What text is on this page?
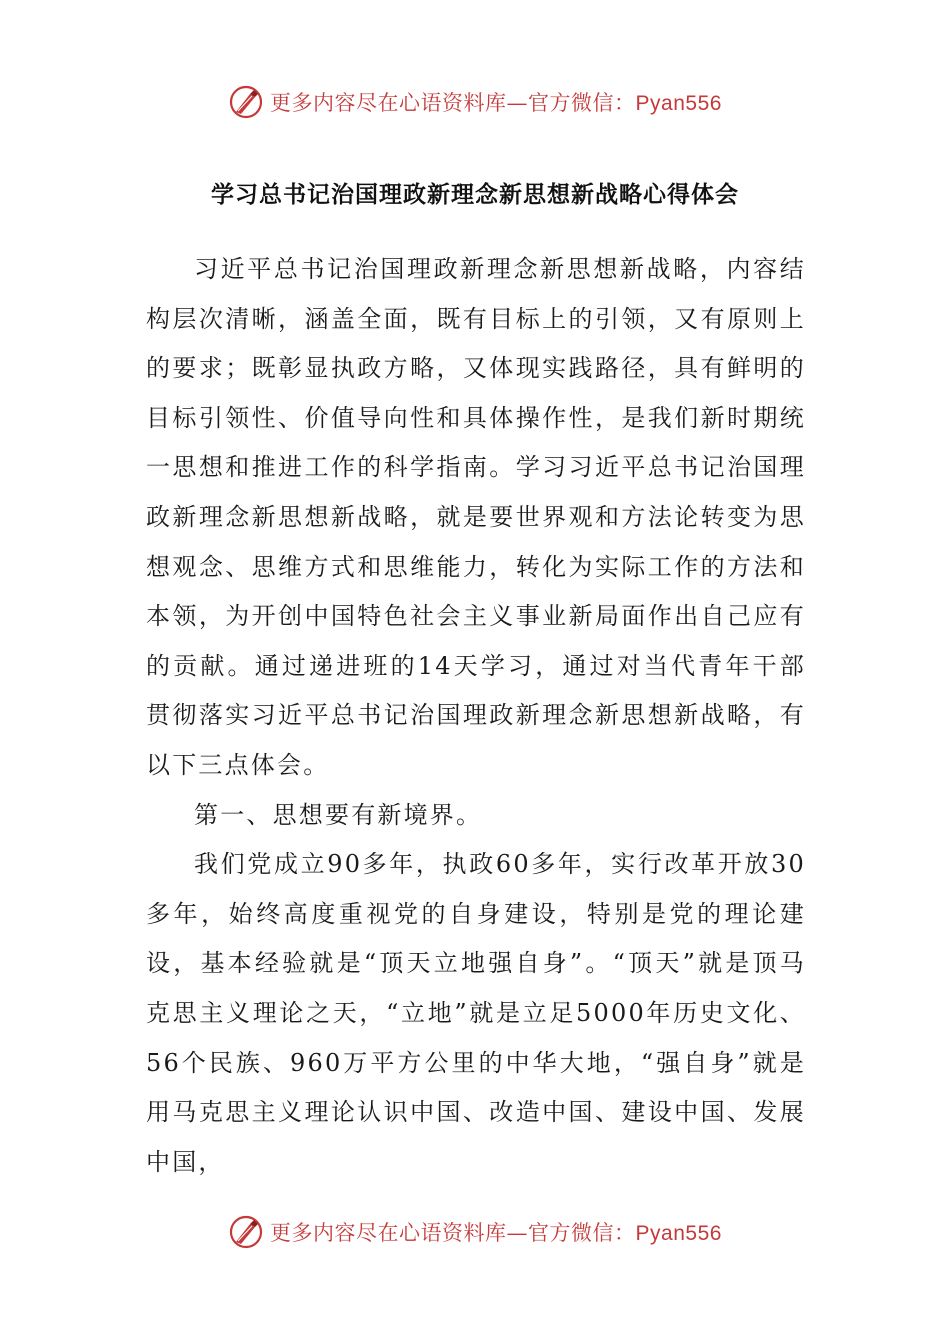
更多内容尽在心语资料库—官方微信：Pyan556
学习总书记治国理政新理念新思想新战略心得体会

习近平总书记治国理政新理念新思想新战略，内容结构层次清晰，涵盖全面，既有目标上的引领，又有原则上的要求；既彰显执政方略，又体现实践路径，具有鲜明的目标引领性、价值导向性和具体操作性，是我们新时期统一思想和推进工作的科学指南。学习习近平总书记治国理政新理念新思想新战略，就是要世界观和方法论转变为思想观念、思维方式和思维能力，转化为实际工作的方法和本领，为开创中国特色社会主义事业新局面作出自己应有的贡献。通过递进班的14天学习，通过对当代青年干部贯彻落实习近平总书记治国理政新理念新思想新战略，有以下三点体会。

第一、思想要有新境界。

我们党成立90多年，执政60多年，实行改革开放30多年，始终高度重视党的自身建设，特别是党的理论建设，基本经验就是“顶天立地强自身”。“顶天”就是顶马克思主义理论之天，“立地”就是立足5000年历史文化、56个民族、960万平方公里的中华大地，“强自身”就是用马克思主义理论认识中国、改造中国、建设中国、发展中国，

更多内容尽在心语资料库—官方微信：Pyan556
